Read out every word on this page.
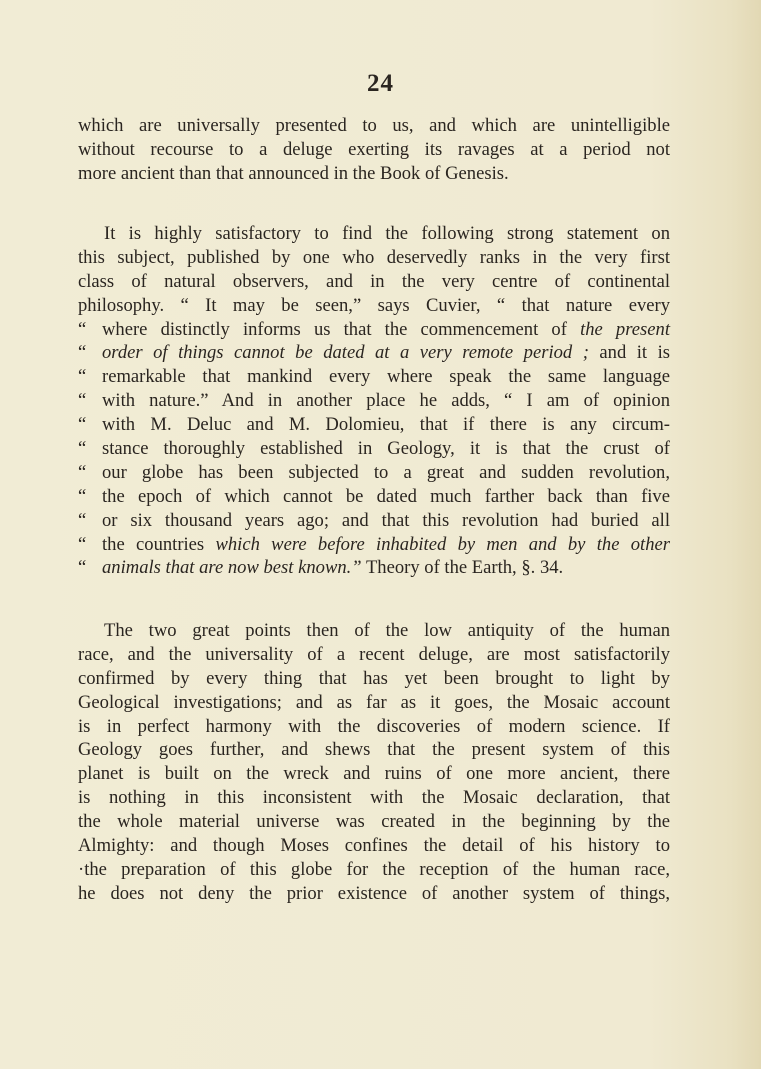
24
which are universally presented to us, and which are unintelligible
without recourse to a deluge exerting its ravages at a period not
more ancient than that announced in the Book of Genesis.
It is highly satisfactory to find the following strong statement on
this subject, published by one who deservedly ranks in the very first
class of natural observers, and in the very centre of continental
philosophy. “ It may be seen,” says Cuvier, “ that nature every
“ where distinctly informs us that the commencement of the present
“ order of things cannot be dated at a very remote period ; and it is
“ remarkable that mankind every where speak the same language
“ with nature.” And in another place he adds, “ I am of opinion
“ with M. Deluc and M. Dolomieu, that if there is any circum-
“ stance thoroughly established in Geology, it is that the crust of
“ our globe has been subjected to a great and sudden revolution,
“ the epoch of which cannot be dated much farther back than five
“ or six thousand years ago; and that this revolution had buried all
“ the countries which were before inhabited by men and by the other
“ animals that are now best known.” Theory of the Earth, §. 34.
The two great points then of the low antiquity of the human
race, and the universality of a recent deluge, are most satisfactorily
confirmed by every thing that has yet been brought to light by
Geological investigations; and as far as it goes, the Mosaic account
is in perfect harmony with the discoveries of modern science. If
Geology goes further, and shews that the present system of this
planet is built on the wreck and ruins of one more ancient, there
is nothing in this inconsistent with the Mosaic declaration, that
the whole material universe was created in the beginning by the
Almighty: and though Moses confines the detail of his history to
·the preparation of this globe for the reception of the human race,
he does not deny the prior existence of another system of things,
